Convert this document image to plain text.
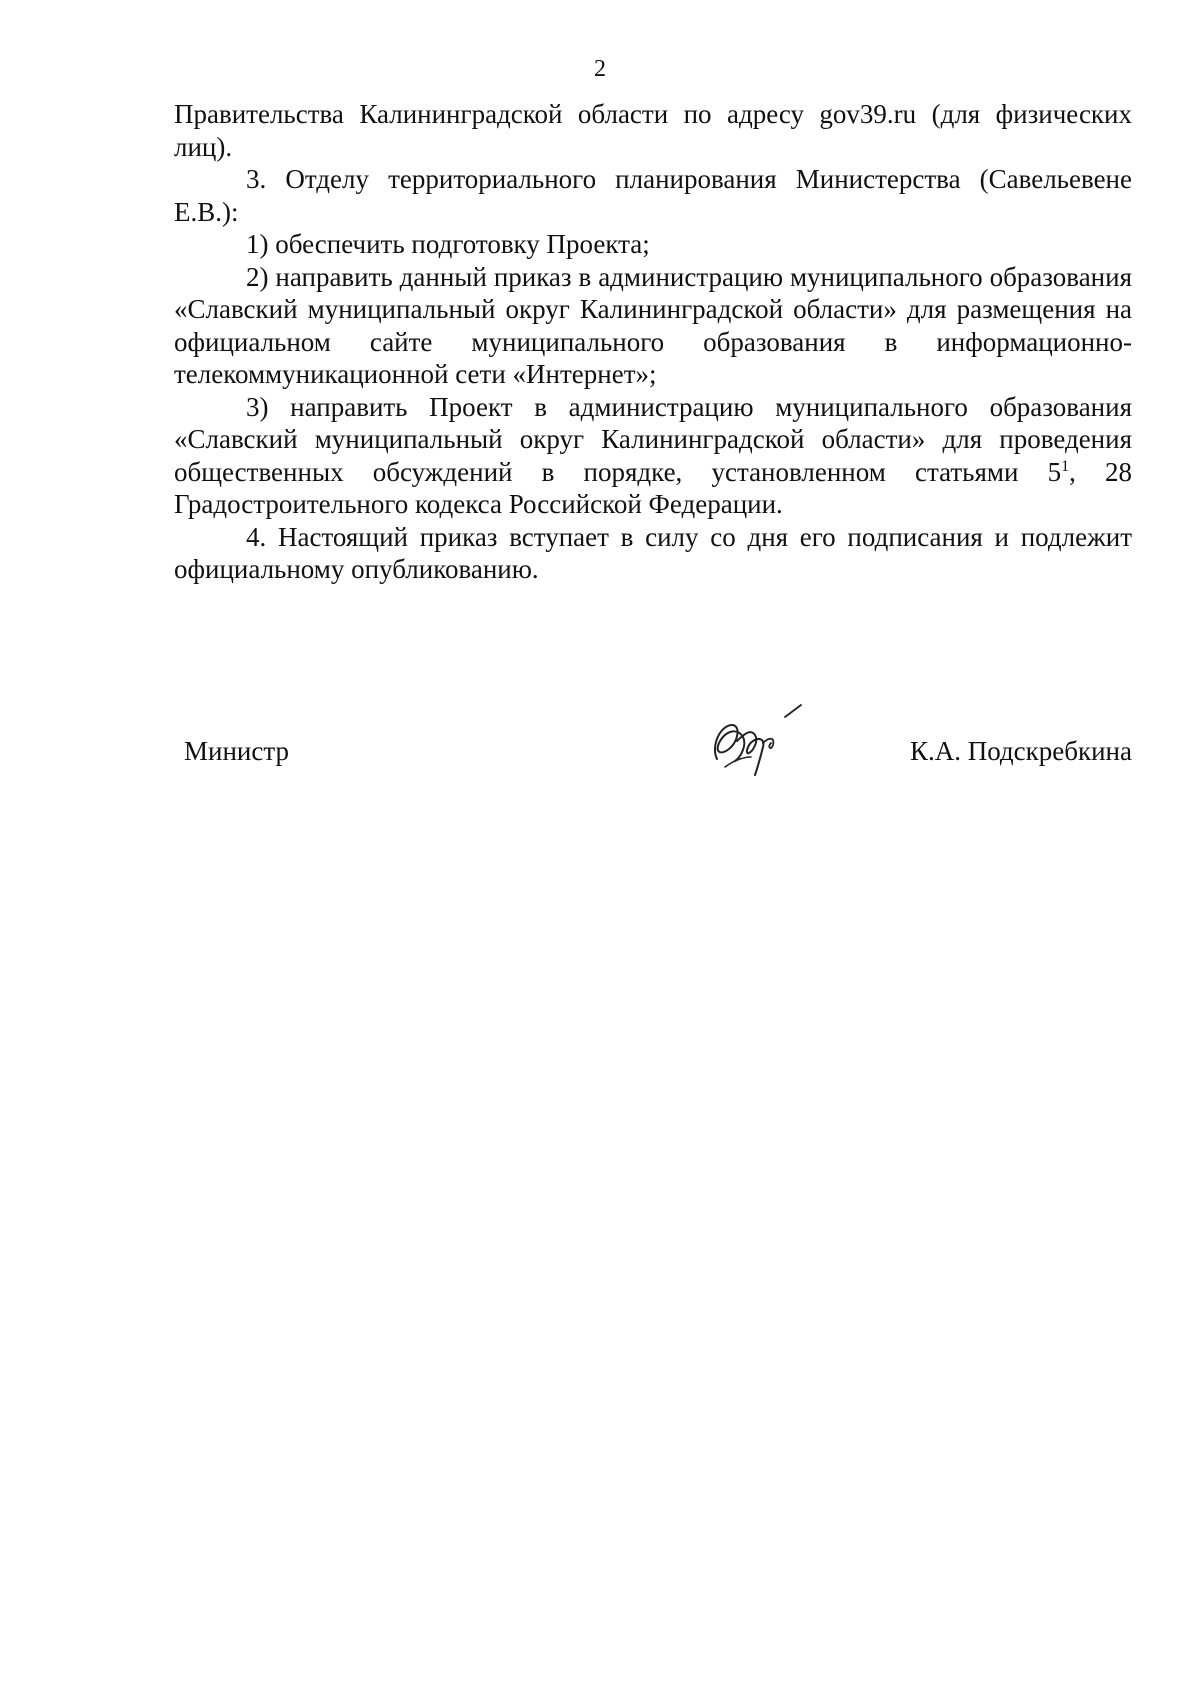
2

Правительства Калининградской области по адресу gov39.ru (для физических лиц).

3. Отделу территориального планирования Министерства (Савельевене Е.В.):

1) обеспечить подготовку Проекта;

2) направить данный приказ в администрацию муниципального образования «Славский муниципальный округ Калининградской области» для размещения на официальном сайте муниципального образования в информационно-телекоммуникационной сети «Интернет»;

3) направить Проект в администрацию муниципального образования «Славский муниципальный округ Калининградской области» для проведения общественных обсуждений в порядке, установленном статьями $5^1$, 28 Градостроительного кодекса Российской Федерации.

4. Настоящий приказ вступает в силу со дня его подписания и подлежит официальному опубликованию.

Министр	К.А. Подскребкина
